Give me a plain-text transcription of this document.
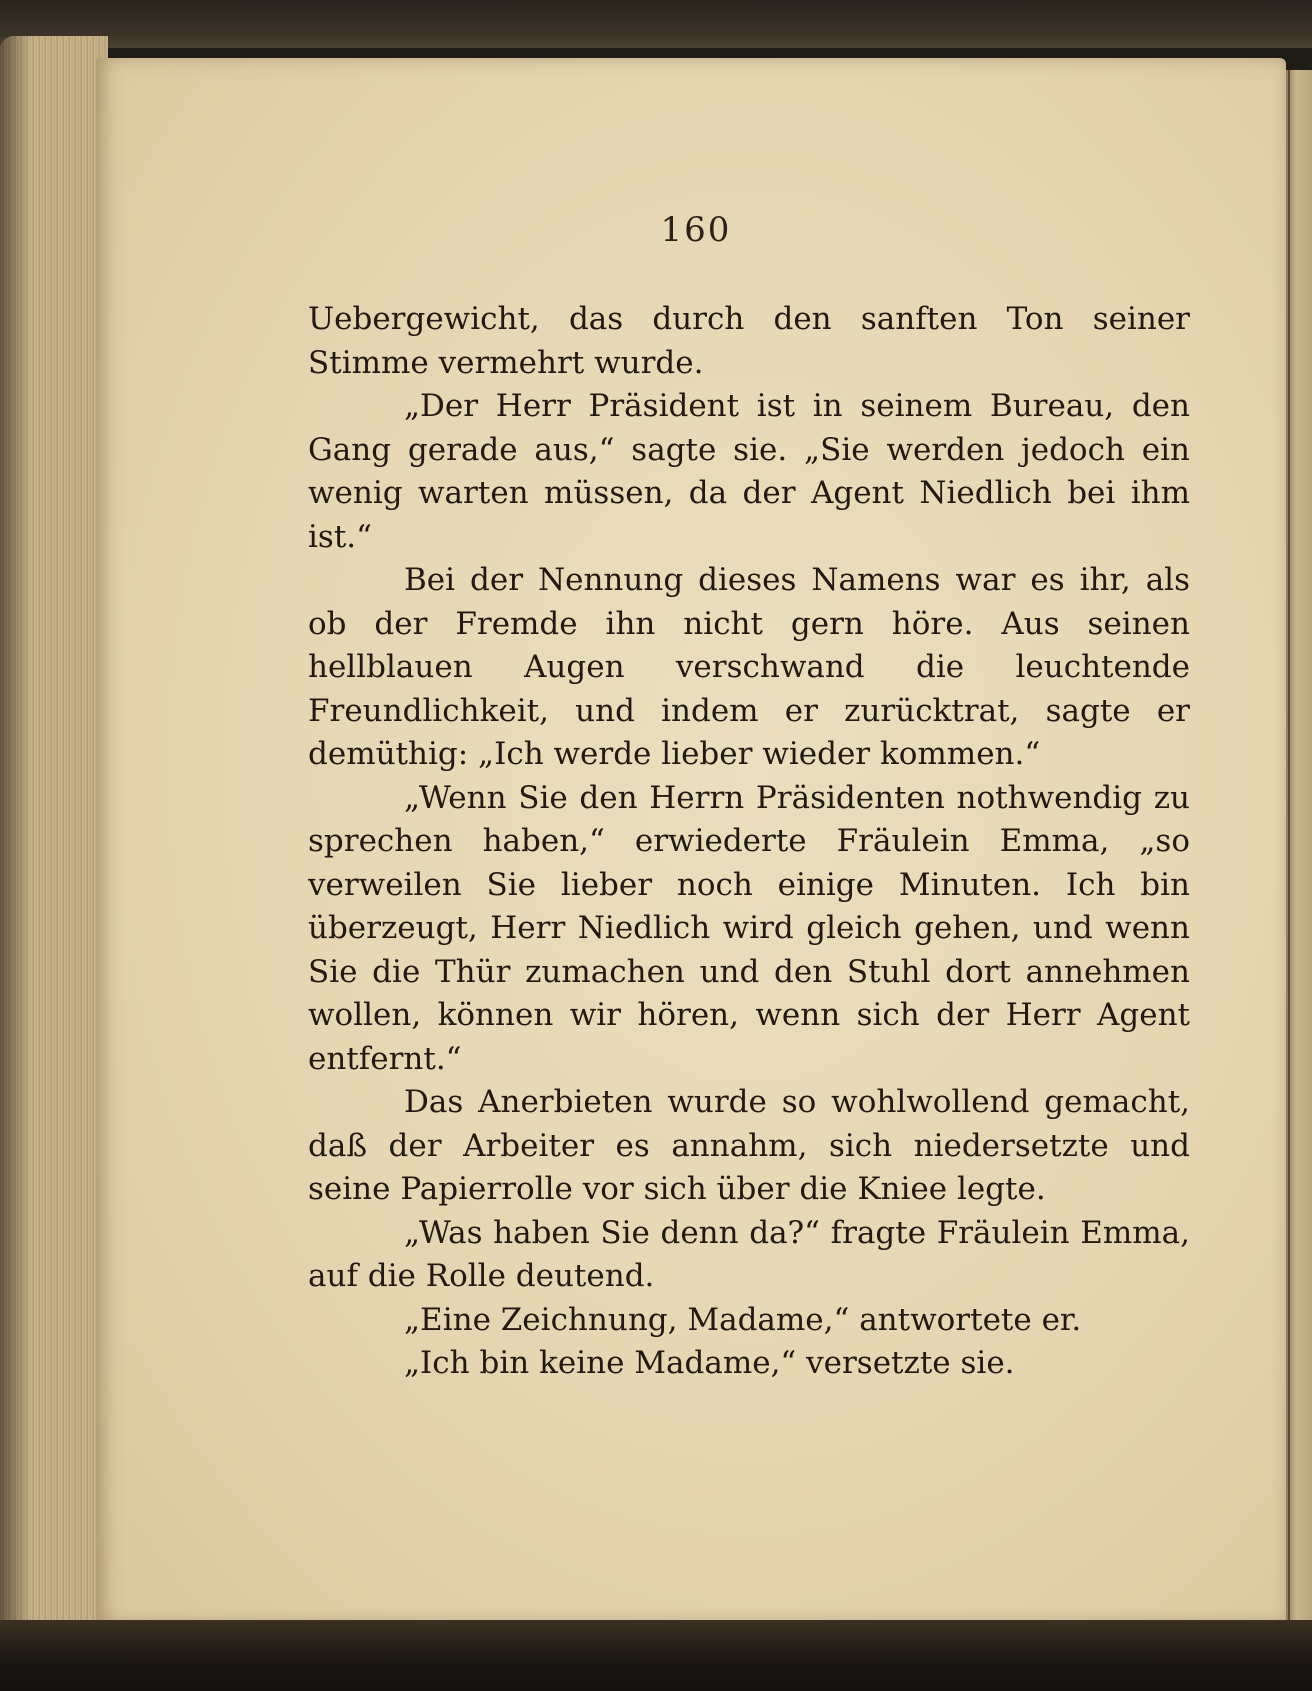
160

Uebergewicht, das durch den sanften Ton seiner Stimme vermehrt wurde.

„Der Herr Präsident ist in seinem Bureau, den Gang gerade aus,“ sagte sie. „Sie werden jedoch ein wenig warten müssen, da der Agent Niedlich bei ihm ist.“

Bei der Nennung dieses Namens war es ihr, als ob der Fremde ihn nicht gern höre. Aus seinen hellblauen Augen verschwand die leuchtende Freundlichkeit, und indem er zurücktrat, sagte er demüthig: „Ich werde lieber wieder kommen.“

„Wenn Sie den Herrn Präsidenten nothwendig zu sprechen haben,“ erwiederte Fräulein Emma, „so verweilen Sie lieber noch einige Minuten. Ich bin überzeugt, Herr Niedlich wird gleich gehen, und wenn Sie die Thür zumachen und den Stuhl dort annehmen wollen, können wir hören, wenn sich der Herr Agent entfernt.“

Das Anerbieten wurde so wohlwollend gemacht, daß der Arbeiter es annahm, sich niedersetzte und seine Papierrolle vor sich über die Kniee legte.

„Was haben Sie denn da?“ fragte Fräulein Emma, auf die Rolle deutend.

„Eine Zeichnung, Madame,“ antwortete er.

„Ich bin keine Madame,“ versetzte sie.
